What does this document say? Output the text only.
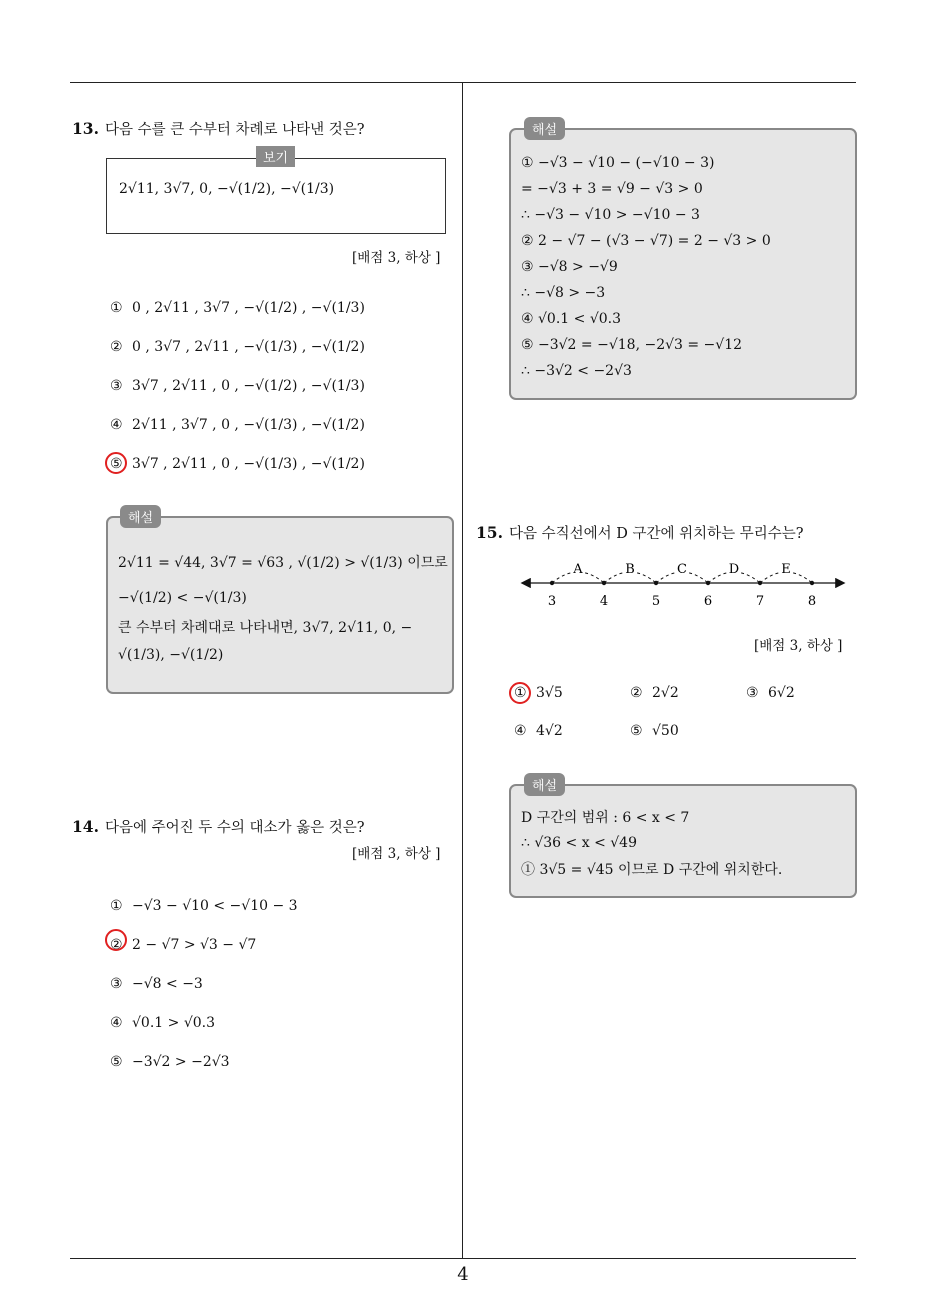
13. 다음 수를 큰 수부터 차례로 나타낸 것은?
2√11, 3√7, 0, −√(1/2), −√(1/3)
보기
[배점 3, 하상 ]
① 0 , 2√11 , 3√7 , −√(1/2) , −√(1/3)
② 0 , 3√7 , 2√11 , −√(1/3) , −√(1/2)
③ 3√7 , 2√11 , 0 , −√(1/2) , −√(1/3)
④ 2√11 , 3√7 , 0 , −√(1/3) , −√(1/2)
⑤ 3√7 , 2√11 , 0 , −√(1/3) , −√(1/2)
2√11 = √44, 3√7 = √63 , √(1/2) > √(1/3) 이므로
−√(1/2) < −√(1/3)
큰 수부터 차례대로 나타내면, 3√7, 2√11, 0, −
√(1/3), −√(1/2)
해설
14. 다음에 주어진 두 수의 대소가 옳은 것은?
[배점 3, 하상 ]
① −√3 − √10 < −√10 − 3
② 2 − √7 > √3 − √7
③ −√8 < −3
④ √0.1 > √0.3
⑤ −3√2 > −2√3
① −√3 − √10 − (−√10 − 3)
= −√3 + 3 = √9 − √3 > 0
∴ −√3 − √10 > −√10 − 3
② 2 − √7 − (√3 − √7) = 2 − √3 > 0
③ −√8 > −√9
∴ −√8 > −3
④ √0.1 < √0.3
⑤ −3√2 = −√18, −2√3 = −√12
∴ −3√2 < −2√3
해설
15. 다음 수직선에서 D 구간에 위치하는 무리수는?
3	4	5	6	7	8
A	B	C	D	E
[배점 3, 하상 ]
① 3√5	② 2√2	③ 6√2
④ 4√2	⑤ √50
D 구간의 범위 : 6 < x < 7
∴ √36 < x < √49
① 3√5 = √45 이므로 D 구간에 위치한다.
해설
4
